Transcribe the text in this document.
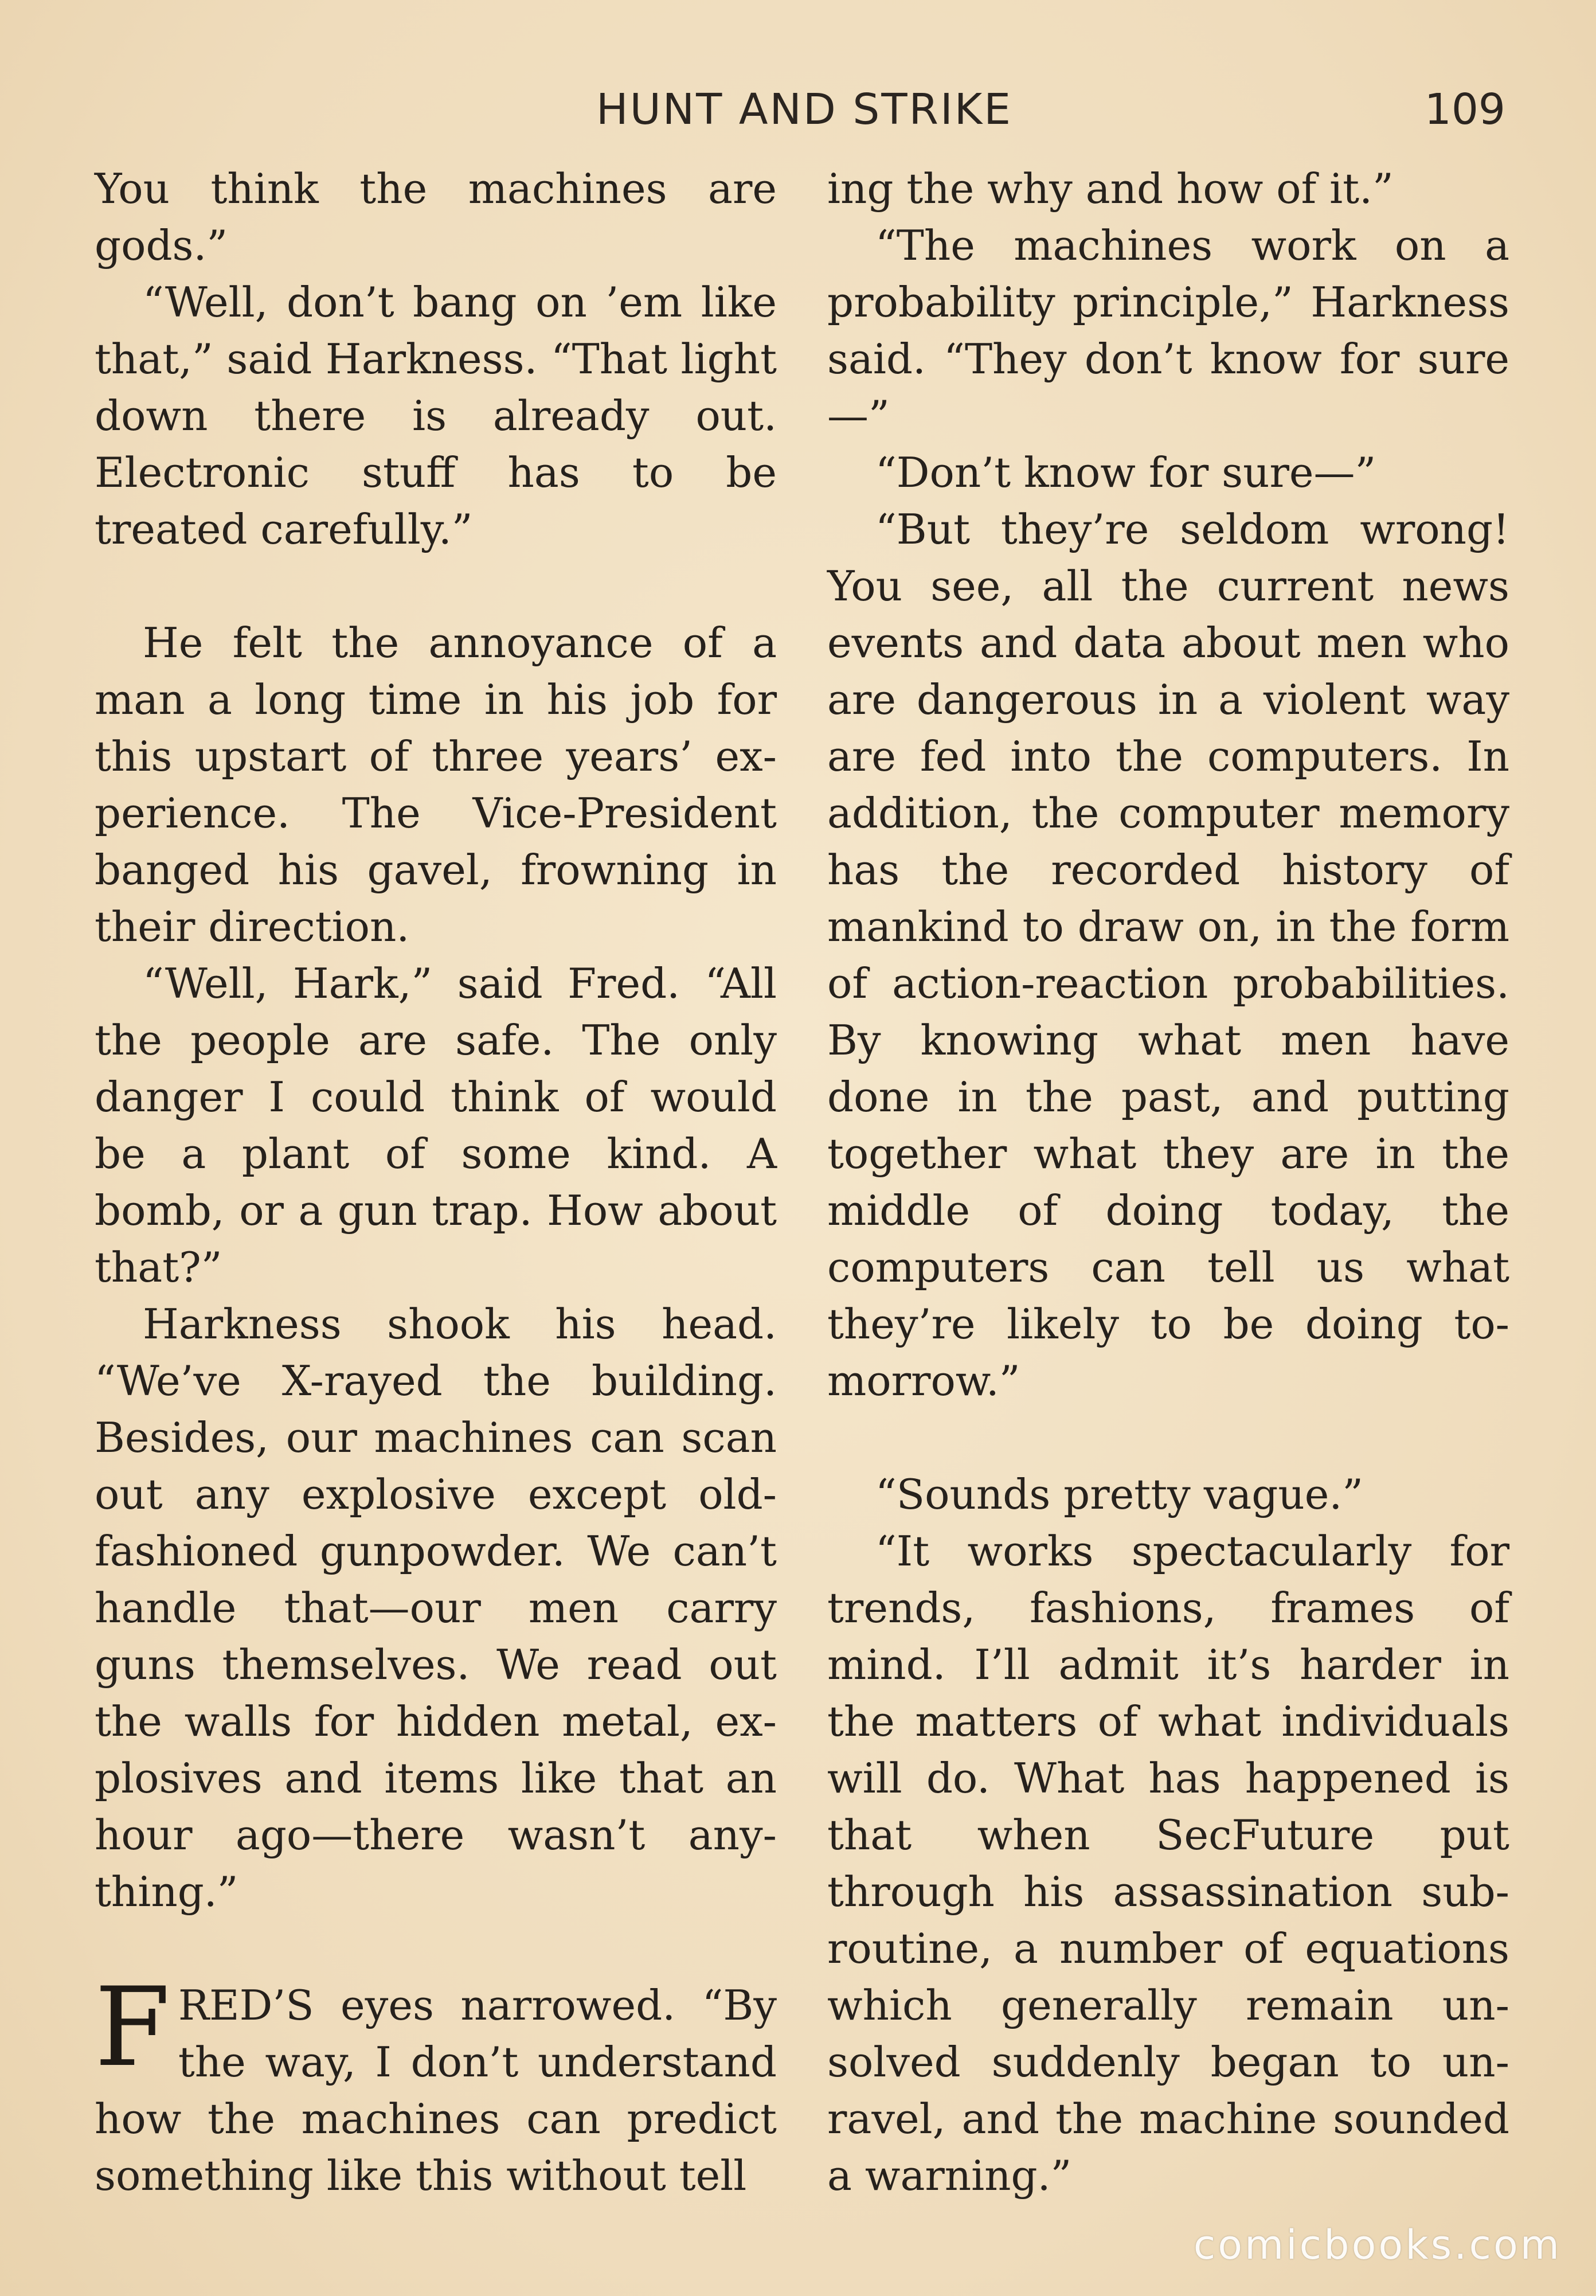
HUNT AND STRIKE	109

You think the machines are gods.”

“Well, don’t bang on ’em like that,” said Harkness. “That light down there is already out. Electronic stuff has to be treated carefully.”

He felt the annoyance of a man a long time in his job for this upstart of three years’ experience. The Vice-President banged his gavel, frowning in their direction.

“Well, Hark,” said Fred. “All the people are safe. The only danger I could think of would be a plant of some kind. A bomb, or a gun trap. How about that?”

Harkness shook his head. “We’ve X-rayed the building. Besides, our machines can scan out any explosive except oldfashioned gunpowder. We can’t handle that—our men carry guns themselves. We read out the walls for hidden metal, explosives and items like that an hour ago—there wasn’t anything.”

FRED’S eyes narrowed. “By the way, I don’t understand how the machines can predict something like this without tell

ing the why and how of it.”

“The machines work on a probability principle,” Harkness said. “They don’t know for sure—”

“Don’t know for sure—”

“But they’re seldom wrong! You see, all the current news events and data about men who are dangerous in a violent way are fed into the computers. In addition, the computer memory has the recorded history of mankind to draw on, in the form of action-reaction probabilities. By knowing what men have done in the past, and putting together what they are in the middle of doing today, the computers can tell us what they’re likely to be doing tomorrow.”

“Sounds pretty vague.”

“It works spectacularly for trends, fashions, frames of mind. I’ll admit it’s harder in the matters of what individuals will do. What has happened is that when SecFuture put through his assassination subroutine, a number of equations which generally remain unsolved suddenly began to unravel, and the machine sounded a warning.”

comicbooks.com
